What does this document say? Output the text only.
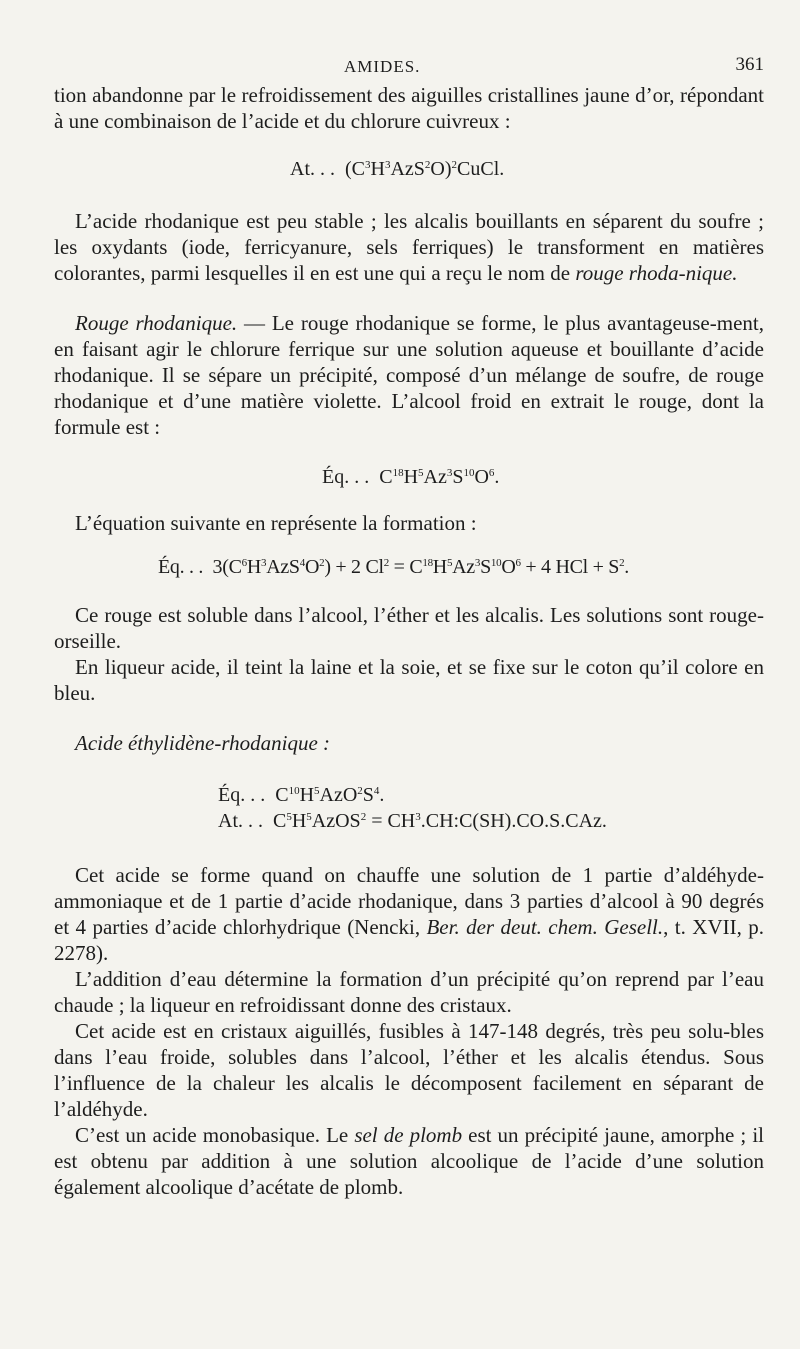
AMIDES.	361

tion abandonne par le refroidissement des aiguilles cristallines jaune d’or, répondant à une combinaison de l’acide et du chlorure cuivreux :

At. . . $(C^3H^3AzS^2O)^2CuCl$.

L’acide rhodanique est peu stable ; les alcalis bouillants en séparent du soufre ; les oxydants (iode, ferricyanure, sels ferriques) le transforment en matières colorantes, parmi lesquelles il en est une qui a reçu le nom de rouge rhoda-nique.

Rouge rhodanique. — Le rouge rhodanique se forme, le plus avantageuse-ment, en faisant agir le chlorure ferrique sur une solution aqueuse et bouillante d’acide rhodanique. Il se sépare un précipité, composé d’un mélange de soufre, de rouge rhodanique et d’une matière violette. L’alcool froid en extrait le rouge, dont la formule est :

Éq. . . $C^{18}H^5Az^3S^{10}O^6$.

L’équation suivante en représente la formation :

Éq. . . $3(C^6H^3AzS^4O^2) + 2$ $Cl^2 = C^{18}H^5Az^3S^{10}O^6 + 4$ HCl + $S^2$.

Ce rouge est soluble dans l’alcool, l’éther et les alcalis. Les solutions sont rouge-orseille.

En liqueur acide, il teint la laine et la soie, et se fixe sur le coton qu’il colore en bleu.

Acide éthylidène-rhodanique :

Éq. . . $C^{10}H^5AzO^2S^4$.
At. . . $C^5H^5AzOS^2$ = $CH^3.CH:C(SH).CO.S.CAz$.

Cet acide se forme quand on chauffe une solution de 1 partie d’aldéhyde-ammoniaque et de 1 partie d’acide rhodanique, dans 3 parties d’alcool à 90 degrés et 4 parties d’acide chlorhydrique (Nencki, Ber. der deut. chem. Gesell., t. XVII, p. 2278).

L’addition d’eau détermine la formation d’un précipité qu’on reprend par l’eau chaude ; la liqueur en refroidissant donne des cristaux.

Cet acide est en cristaux aiguillés, fusibles à 147-148 degrés, très peu solu-bles dans l’eau froide, solubles dans l’alcool, l’éther et les alcalis étendus. Sous l’influence de la chaleur les alcalis le décomposent facilement en séparant de l’aldéhyde.

C’est un acide monobasique. Le sel de plomb est un précipité jaune, amorphe ; il est obtenu par addition à une solution alcoolique de l’acide d’une solution également alcoolique d’acétate de plomb.
